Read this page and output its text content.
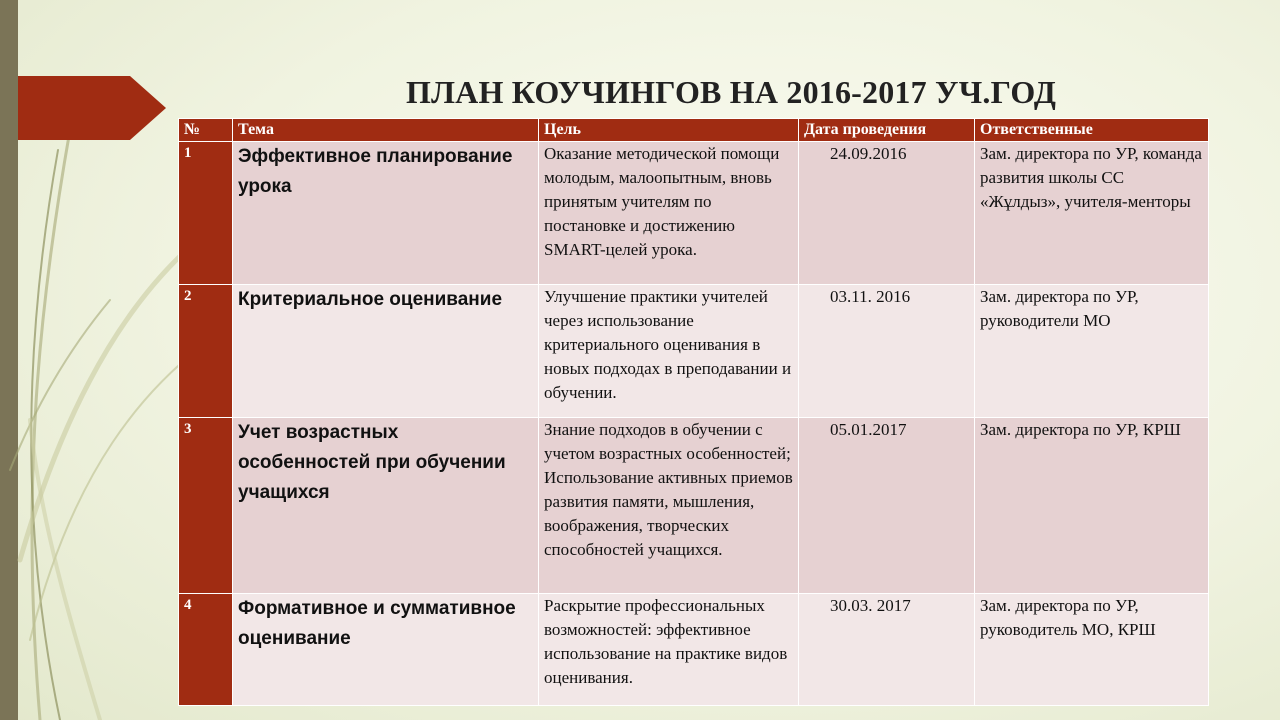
ПЛАН КОУЧИНГОВ НА 2016-2017 УЧ.ГОД
№	Тема	Цель	Дата проведения	Ответственные
1	Эффективное планирование урока	Оказание методической помощи молодым, малоопытным, вновь принятым учителям по постановке и достижению SMART-целей урока.	24.09.2016	Зам. директора по УР, команда развития школы СС «Жұлдыз», учителя-менторы
2	Критериальное оценивание	Улучшение практики учителей через использование критериального оценивания в новых подходах в преподавании и обучении.	03.11. 2016	Зам. директора по УР, руководители МО
3	Учет возрастных особенностей при обучении учащихся	Знание подходов в обучении с учетом возрастных особенностей; Использование активных приемов развития памяти, мышления, воображения, творческих способностей учащихся.	05.01.2017	Зам. директора по УР, КРШ
4	Формативное и суммативное оценивание	Раскрытие профессиональных возможностей: эффективное использование на практике видов оценивания.	30.03. 2017	Зам. директора по УР, руководитель МО, КРШ
